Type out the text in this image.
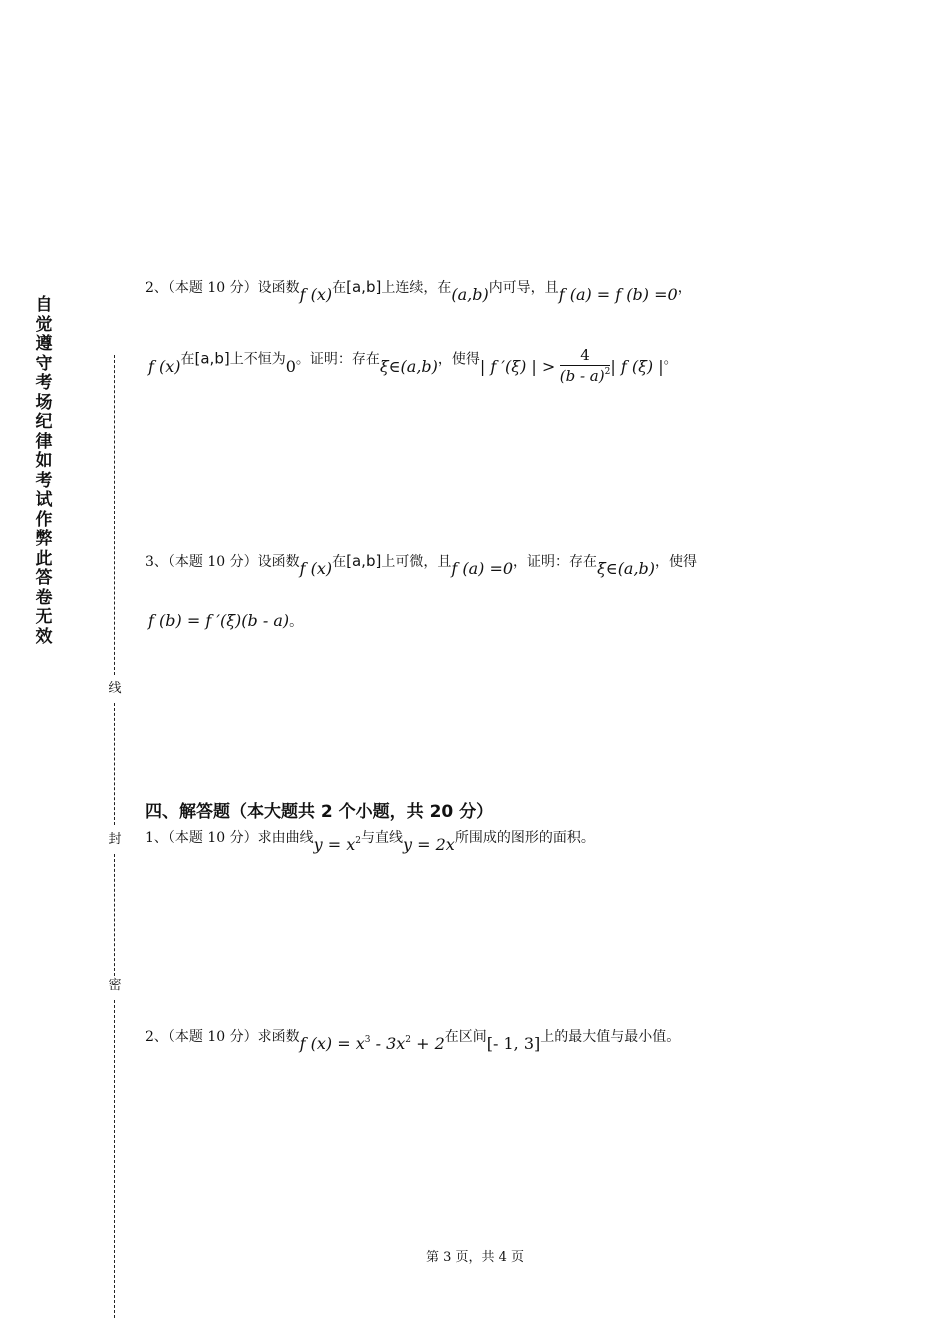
自觉遵守考场纪律如考试作弊此答卷无效
线
封
密
2、（本题 10 分）设函数f (x)在[a,b]上连续，在(a,b)内可导，且f (a) = f (b) =0，
f (x)在[a,b]上不恒为0。证明：存在ξ∈(a,b)，使得| f ′(ξ) | > $\frac{4}{(b - a)^2}$ | f (ξ) |。
3、（本题 10 分）设函数f (x)在[a,b]上可微，且f (a) =0，证明：存在ξ∈(a,b)，使得
f (b) = f ′(ξ)(b - a)。
四、解答题（本大题共 2 个小题，共 20 分）
1、（本题 10 分）求由曲线$y = x^2$与直线y = 2x所围成的图形的面积。
2、（本题 10 分）求函数f $(x) = x^3 - 3x^2 + 2$在区间[- 1, 3]上的最大值与最小值。
第 3 页，共 4 页
